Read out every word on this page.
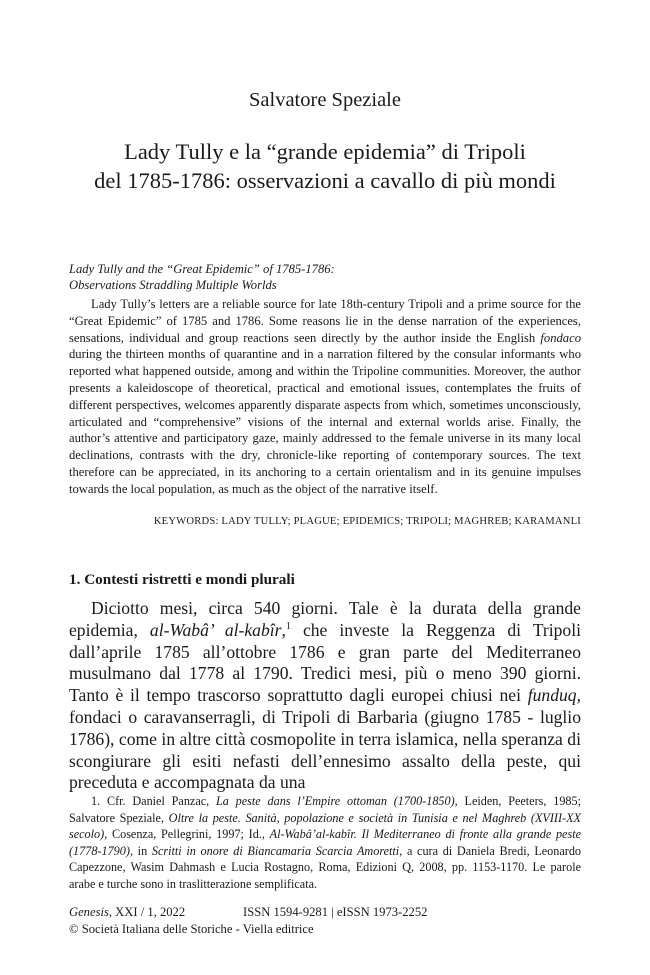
Salvatore Speziale
Lady Tully e la “grande epidemia” di Tripoli
del 1785-1786: osservazioni a cavallo di più mondi
Lady Tully and the “Great Epidemic” of 1785-1786:
Observations Straddling Multiple Worlds

Lady Tully’s letters are a reliable source for late 18th-century Tripoli and a prime source for the “Great Epidemic” of 1785 and 1786. Some reasons lie in the dense narration of the experiences, sensations, individual and group reactions seen directly by the author inside the English fondaco during the thirteen months of quarantine and in a narration filtered by the consular informants who reported what happened outside, among and within the Tripoline communities. Moreover, the author presents a kaleidoscope of theoretical, practical and emotional issues, contemplates the fruits of different perspectives, welcomes apparently disparate aspects from which, sometimes unconsciously, articulated and “comprehensive” visions of the internal and external worlds arise. Finally, the author’s attentive and participatory gaze, mainly addressed to the female universe in its many local declinations, contrasts with the dry, chronicle-like reporting of contemporary sources. The text therefore can be appreciated, in its anchoring to a certain orientalism and in its genuine impulses towards the local population, as much as the object of the narrative itself.

KEYWORDS: LADY TULLY; PLAGUE; EPIDEMICS; TRIPOLI; MAGHREB; KARAMANLI
1. Contesti ristretti e mondi plurali

Diciotto mesi, circa 540 giorni. Tale è la durata della grande epidemia, al-Wabâ’ al-kabîr,$^1$ che investe la Reggenza di Tripoli dall’aprile 1785 all’ottobre 1786 e gran parte del Mediterraneo musulmano dal 1778 al 1790. Tredici mesi, più o meno 390 giorni. Tanto è il tempo trascorso soprattutto dagli europei chiusi nei funduq, fondaci o caravanserragli, di Tripoli di Barbaria (giugno 1785 - luglio 1786), come in altre città cosmopolite in terra islamica, nella speranza di scongiurare gli esiti nefasti dell’ennesimo assalto della peste, qui preceduta e accompagnata da una

1. Cfr. Daniel Panzac, La peste dans l’Empire ottoman (1700-1850), Leiden, Peeters, 1985; Salvatore Speziale, Oltre la peste. Sanità, popolazione e società in Tunisia e nel Maghreb (XVIII-XX secolo), Cosenza, Pellegrini, 1997; Id., Al-Wabâ’al-kabîr. Il Mediterraneo di fronte alla grande peste (1778-1790), in Scritti in onore di Biancamaria Scarcia Amoretti, a cura di Daniela Bredi, Leonardo Capezzone, Wasim Dahmash e Lucia Rostagno, Roma, Edizioni Q, 2008, pp. 1153-1170. Le parole arabe e turche sono in traslitterazione semplificata.

Genesis, XXI / 1, 2022	ISSN 1594-9281 | eISSN 1973-2252
© Società Italiana delle Storiche - Viella editrice
